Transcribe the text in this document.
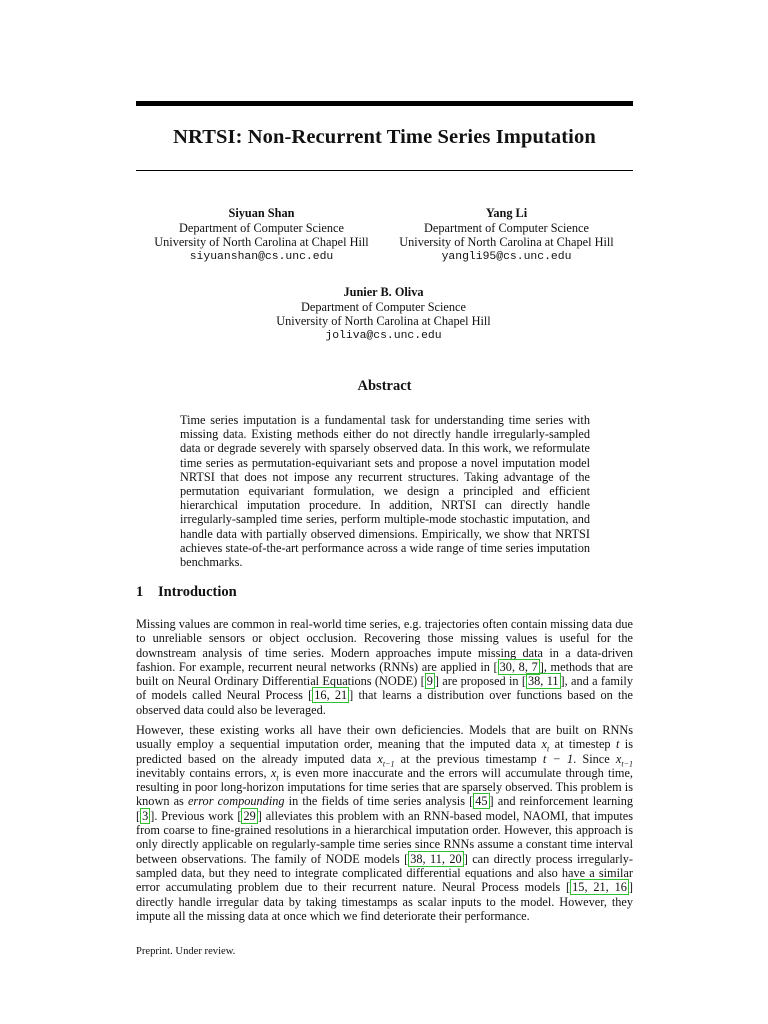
NRTSI: Non-Recurrent Time Series Imputation
Siyuan Shan
Department of Computer Science
University of North Carolina at Chapel Hill
siyuanshan@cs.unc.edu
Yang Li
Department of Computer Science
University of North Carolina at Chapel Hill
yangli95@cs.unc.edu
Junier B. Oliva
Department of Computer Science
University of North Carolina at Chapel Hill
joliva@cs.unc.edu
Abstract
Time series imputation is a fundamental task for understanding time series with missing data. Existing methods either do not directly handle irregularly-sampled data or degrade severely with sparsely observed data. In this work, we reformulate time series as permutation-equivariant sets and propose a novel imputation model NRTSI that does not impose any recurrent structures. Taking advantage of the permutation equivariant formulation, we design a principled and efficient hierarchical imputation procedure. In addition, NRTSI can directly handle irregularly-sampled time series, perform multiple-mode stochastic imputation, and handle data with partially observed dimensions. Empirically, we show that NRTSI achieves state-of-the-art performance across a wide range of time series imputation benchmarks.
1 Introduction
Missing values are common in real-world time series, e.g. trajectories often contain missing data due to unreliable sensors or object occlusion. Recovering those missing values is useful for the downstream analysis of time series. Modern approaches impute missing data in a data-driven fashion. For example, recurrent neural networks (RNNs) are applied in [ 30, 8, 7 ], methods that are built on Neural Ordinary Differential Equations (NODE) [ 9 ] are proposed in [ 38, 11 ], and a family of models called Neural Process [ 16, 21 ] that learns a distribution over functions based on the observed data could also be leveraged.
However, these existing works all have their own deficiencies. Models that are built on RNNs usually employ a sequential imputation order, meaning that the imputed data $x_t$ at timestep t is predicted based on the already imputed data $x_{t-1}$ at the previous timestamp t − 1. Since $x_{t-1}$ inevitably contains errors, $x_t$ is even more inaccurate and the errors will accumulate through time, resulting in poor long-horizon imputations for time series that are sparsely observed. This problem is known as error compounding in the fields of time series analysis [ 45 ] and reinforcement learning [ 3 ]. Previous work [ 29 ] alleviates this problem with an RNN-based model, NAOMI, that imputes from coarse to fine-grained resolutions in a hierarchical imputation order. However, this approach is only directly applicable on regularly-sample time series since RNNs assume a constant time interval between observations. The family of NODE models [ 38, 11, 20 ] can directly process irregularly-sampled data, but they need to integrate complicated differential equations and also have a similar error accumulating problem due to their recurrent nature. Neural Process models [ 15, 21, 16 ] directly handle irregular data by taking timestamps as scalar inputs to the model. However, they impute all the missing data at once which we find deteriorate their performance.
Preprint. Under review.
